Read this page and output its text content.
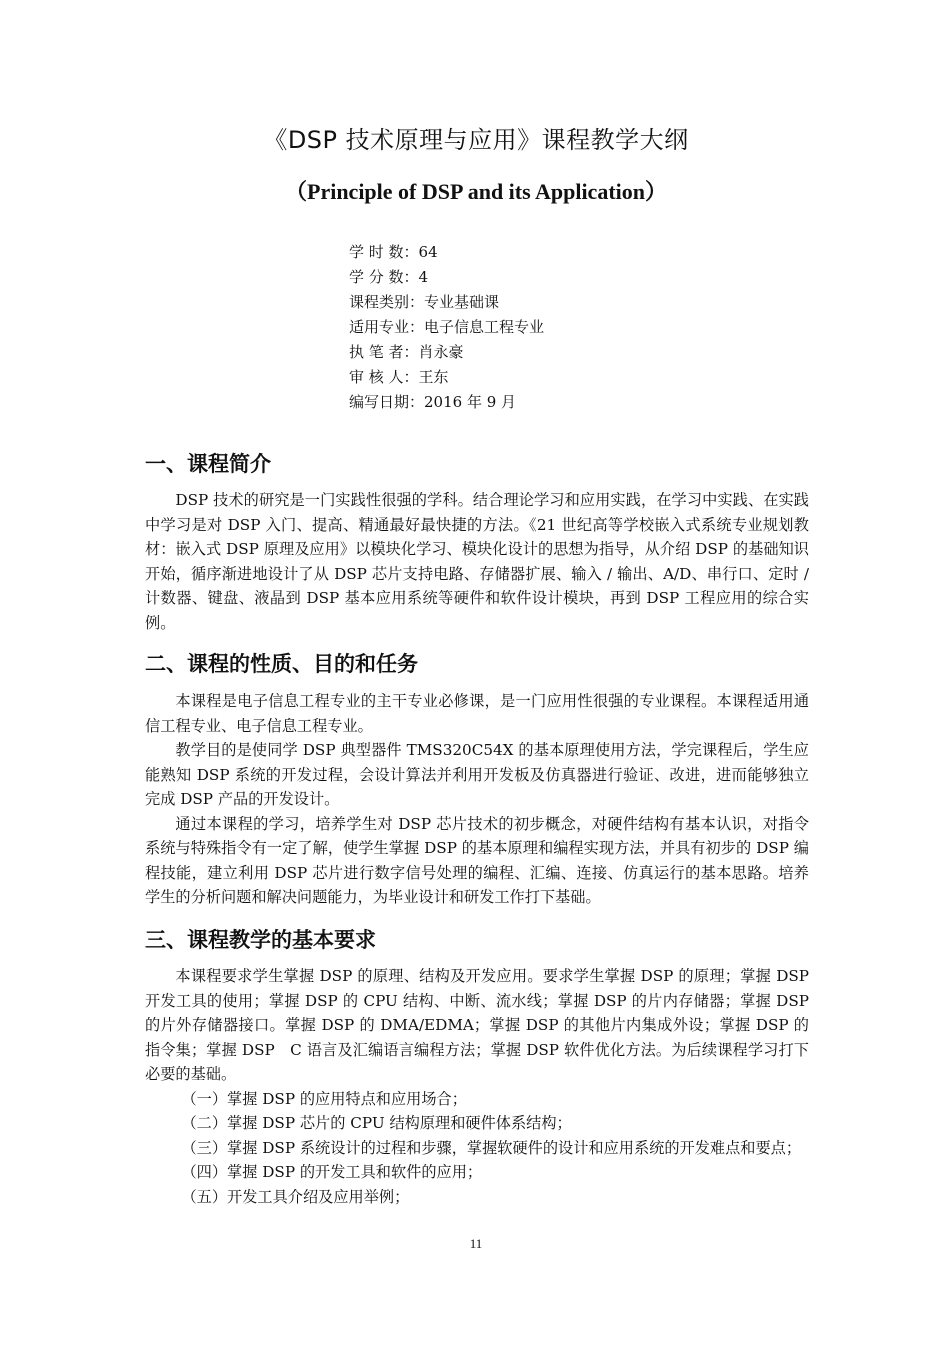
《DSP 技术原理与应用》课程教学大纲
（Principle of DSP and its Application）
学 时 数：64
学 分 数：4
课程类别：专业基础课
适用专业：电子信息工程专业
执 笔 者：肖永豪
审 核 人：王东
编写日期：2016 年 9 月
一、课程简介

DSP 技术的研究是一门实践性很强的学科。结合理论学习和应用实践，在学习中实践、在实践中学习是对 DSP 入门、提高、精通最好最快捷的方法。《21 世纪高等学校嵌入式系统专业规划教材：嵌入式 DSP 原理及应用》以模块化学习、模块化设计的思想为指导，从介绍 DSP 的基础知识开始，循序渐进地设计了从 DSP 芯片支持电路、存储器扩展、输入 / 输出、A/D、串行口、定时 / 计数器、键盘、液晶到 DSP 基本应用系统等硬件和软件设计模块，再到 DSP 工程应用的综合实例。

二、课程的性质、目的和任务

本课程是电子信息工程专业的主干专业必修课，是一门应用性很强的专业课程。本课程适用通信工程专业、电子信息工程专业。

教学目的是使同学 DSP 典型器件 TMS320C54X 的基本原理使用方法，学完课程后，学生应能熟知 DSP 系统的开发过程，会设计算法并利用开发板及仿真器进行验证、改进，进而能够独立完成 DSP 产品的开发设计。

通过本课程的学习，培养学生对 DSP 芯片技术的初步概念，对硬件结构有基本认识，对指令系统与特殊指令有一定了解，使学生掌握 DSP 的基本原理和编程实现方法，并具有初步的 DSP 编程技能，建立利用 DSP 芯片进行数字信号处理的编程、汇编、连接、仿真运行的基本思路。培养学生的分析问题和解决问题能力，为毕业设计和研发工作打下基础。

三、课程教学的基本要求

本课程要求学生掌握 DSP 的原理、结构及开发应用。要求学生掌握 DSP 的原理；掌握 DSP 开发工具的使用；掌握 DSP 的 CPU 结构、中断、流水线；掌握 DSP 的片内存储器；掌握 DSP 的片外存储器接口。掌握 DSP 的 DMA/EDMA；掌握 DSP 的其他片内集成外设；掌握 DSP 的指令集；掌握 DSP　C 语言及汇编语言编程方法；掌握 DSP 软件优化方法。为后续课程学习打下必要的基础。

（一）掌握 DSP 的应用特点和应用场合；

（二）掌握 DSP 芯片的 CPU 结构原理和硬件体系结构；

（三）掌握 DSP 系统设计的过程和步骤，掌握软硬件的设计和应用系统的开发难点和要点；

（四）掌握 DSP 的开发工具和软件的应用；

（五）开发工具介绍及应用举例；

11
